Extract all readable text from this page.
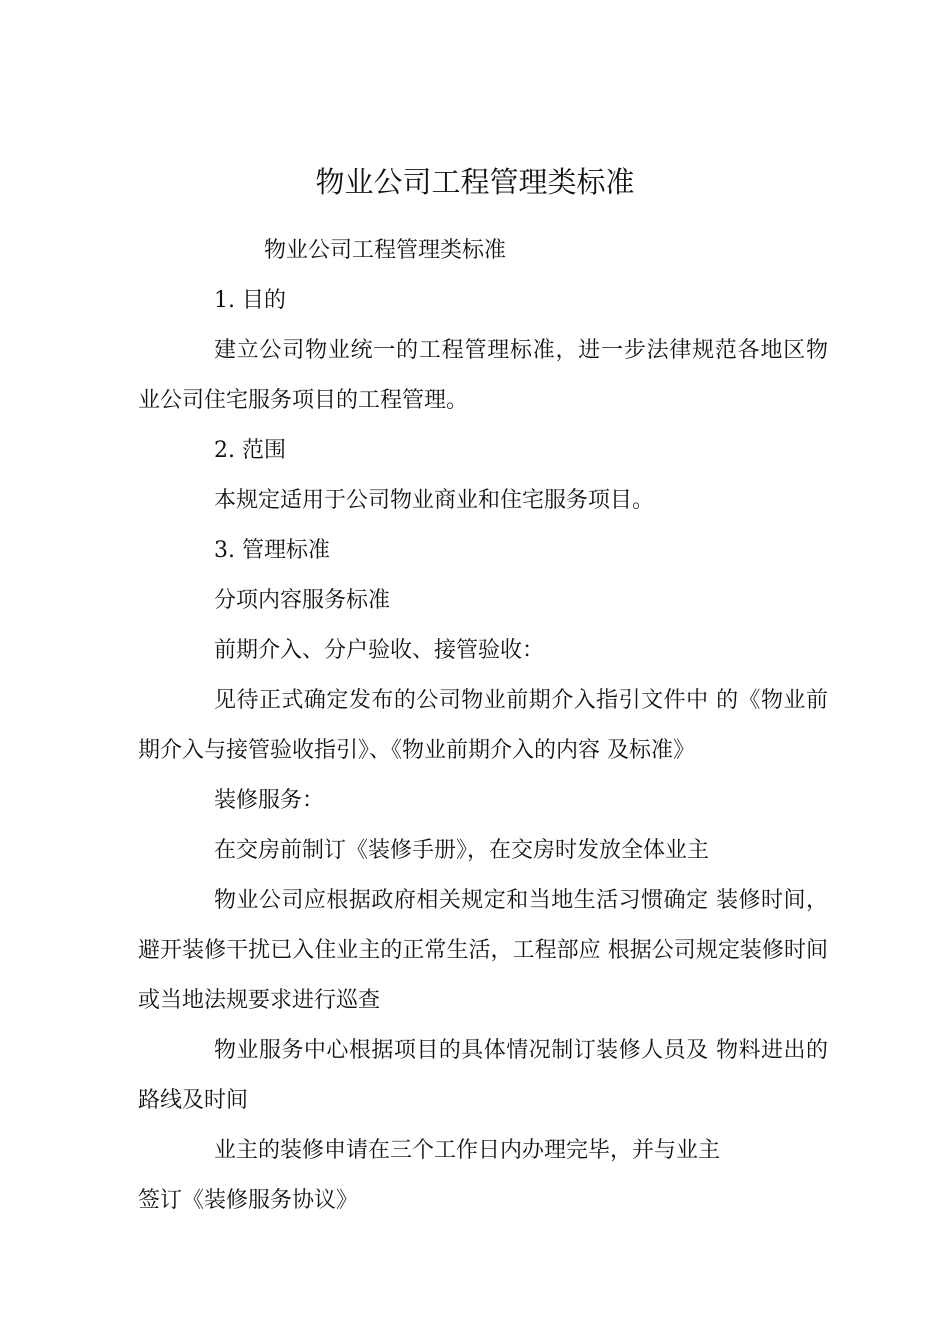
物业公司工程管理类标准
物业公司工程管理类标准
1. 目的

建立公司物业统一的工程管理标准，进一步法律规范各地区物业公司住宅服务项目的工程管理。

2. 范围
本规定适用于公司物业商业和住宅服务项目。
3. 管理标准
分项内容服务标准
前期介入、分户验收、接管验收：

见待正式确定发布的公司物业前期介入指引文件中 的《物业前期介入与接管验收指引》、《物业前期介入的内容 及标准》

装修服务：
在交房前制订《装修手册》，在交房时发放全体业主

物业公司应根据政府相关规定和当地生活习惯确定 装修时间，避开装修干扰已入住业主的正常生活，工程部应 根据公司规定装修时间或当地法规要求进行巡查

物业服务中心根据项目的具体情况制订装修人员及 物料进出的路线及时间

业主的装修申请在三个工作日内办理完毕，并与业主
签订《装修服务协议》
